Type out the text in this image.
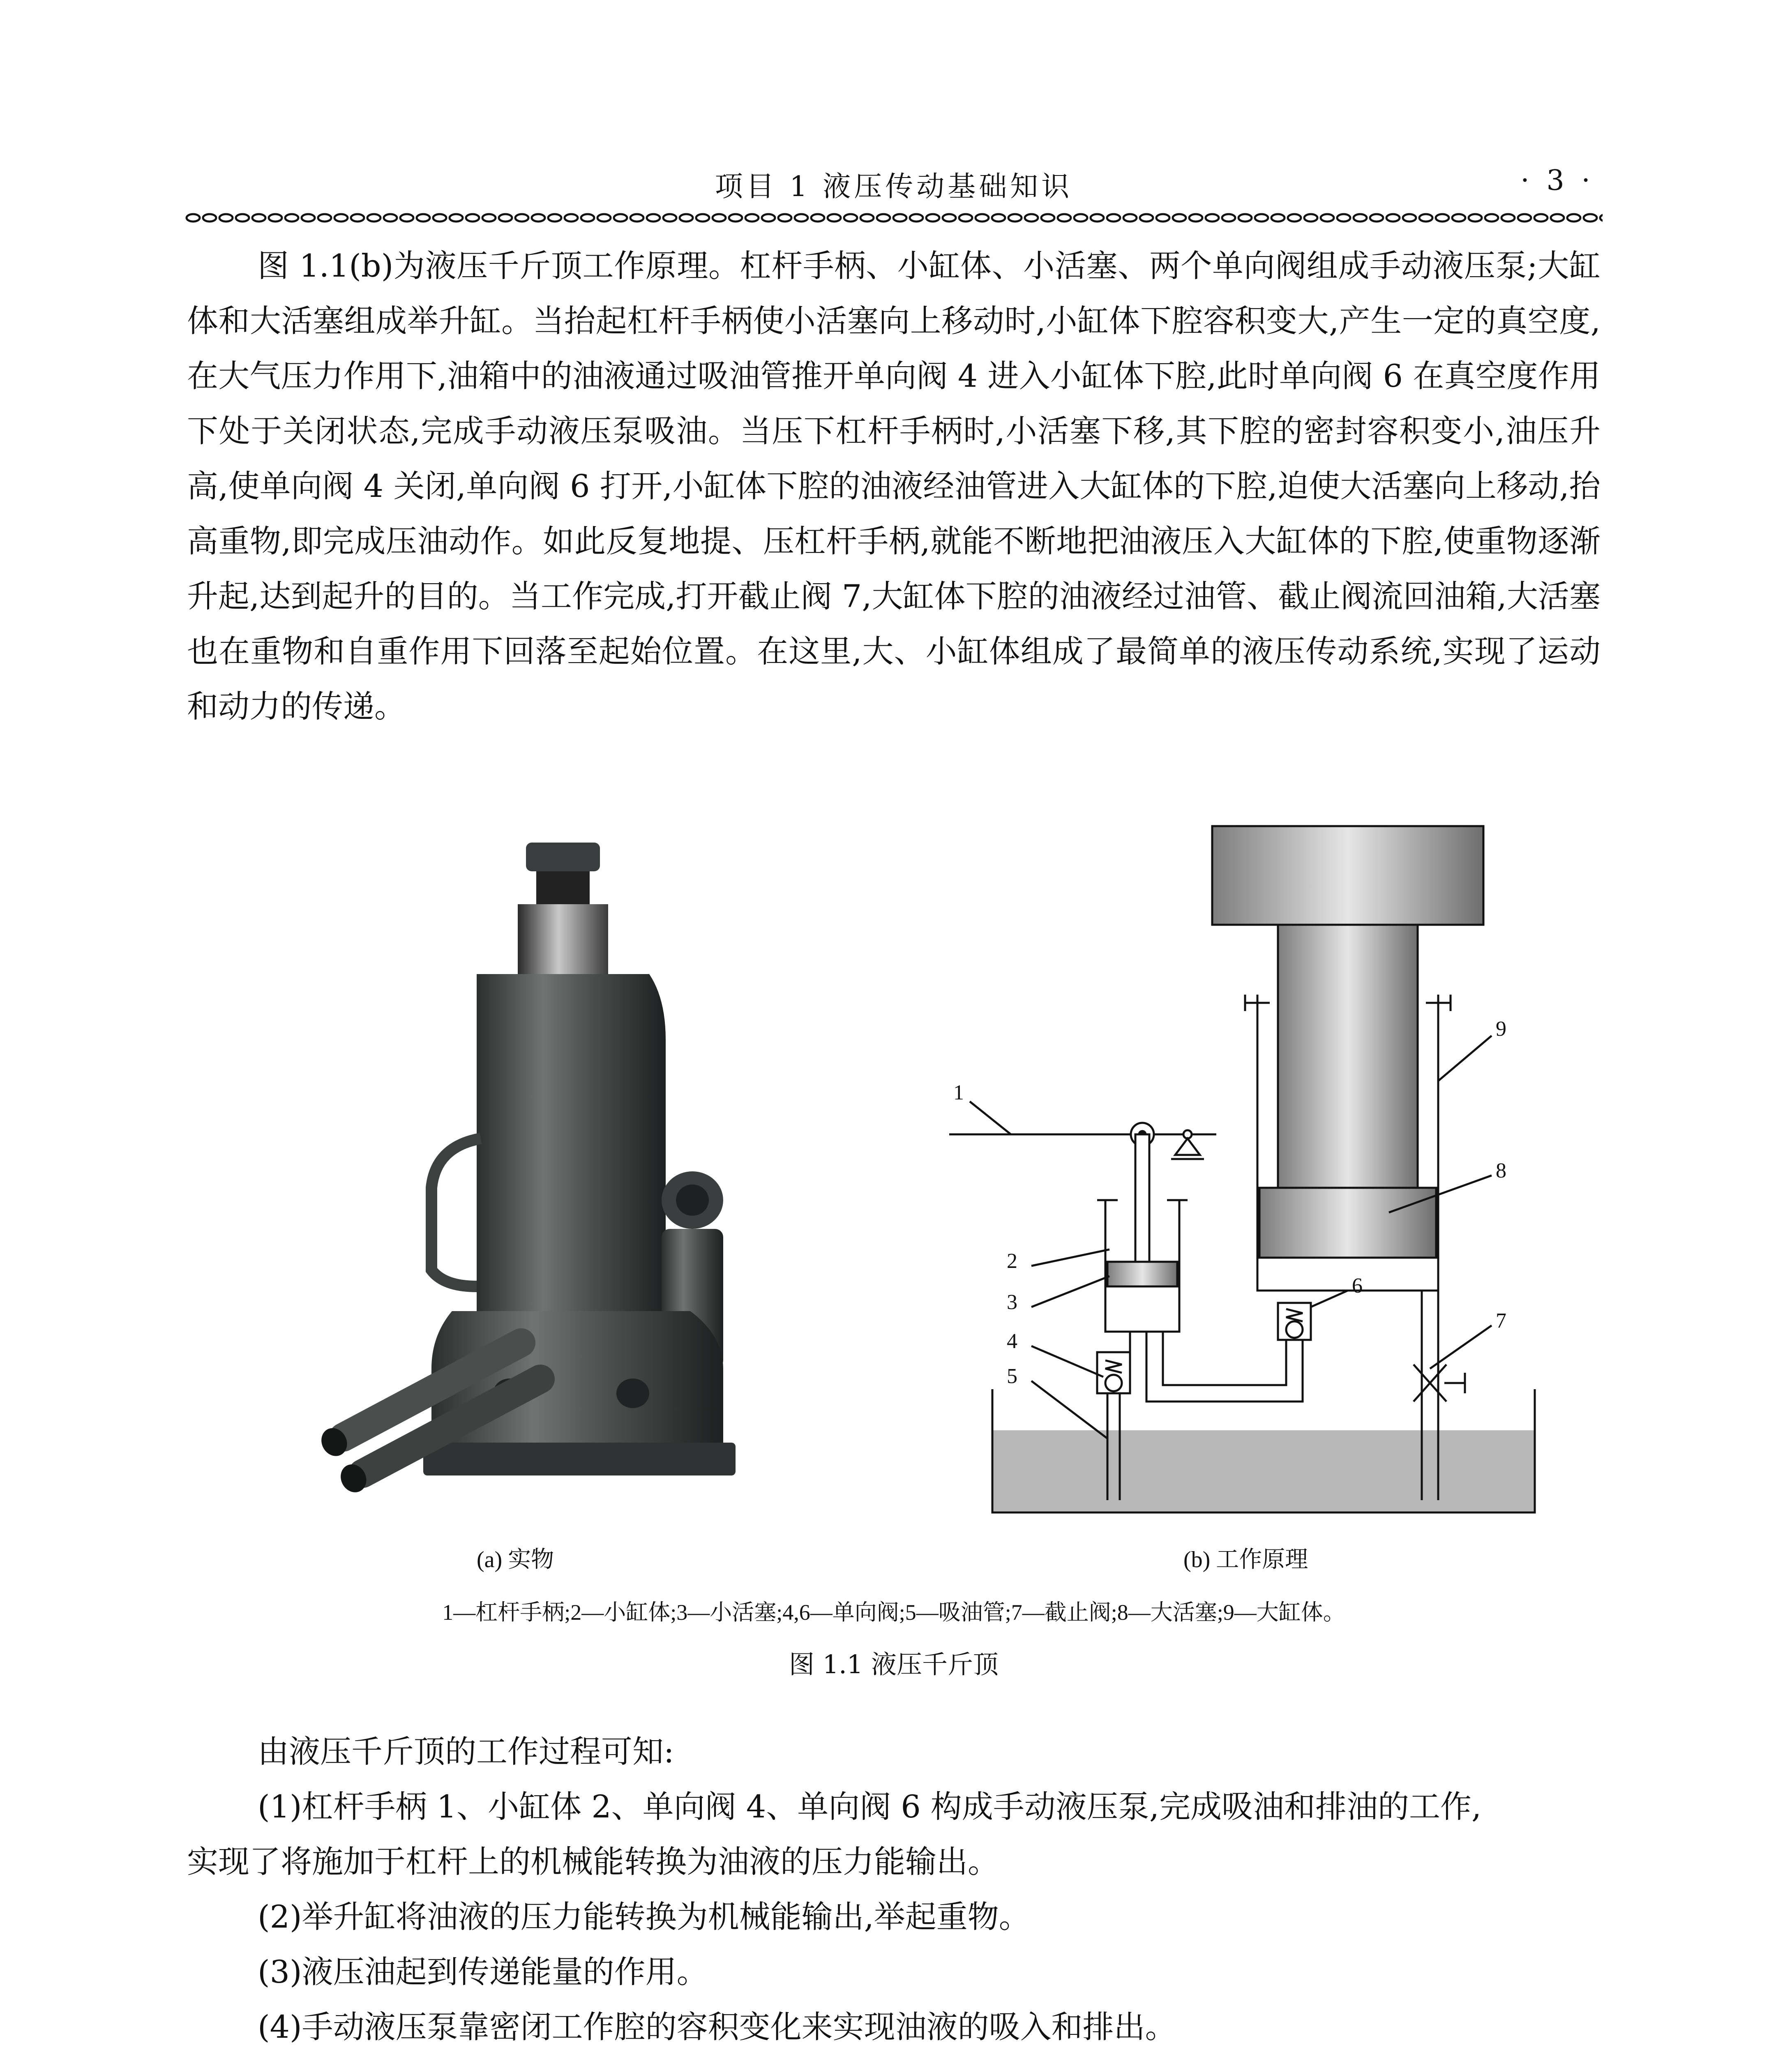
项目 1 液压传动基础知识	· 3 ·

图 1.1(b)为液压千斤顶工作原理。杠杆手柄、小缸体、小活塞、两个单向阀组成手动液压泵;大缸体和大活塞组成举升缸。当抬起杠杆手柄使小活塞向上移动时,小缸体下腔容积变大,产生一定的真空度,在大气压力作用下,油箱中的油液通过吸油管推开单向阀 4 进入小缸体下腔,此时单向阀 6 在真空度作用下处于关闭状态,完成手动液压泵吸油。当压下杠杆手柄时,小活塞下移,其下腔的密封容积变小,油压升高,使单向阀 4 关闭,单向阀 6 打开,小缸体下腔的油液经油管进入大缸体的下腔,迫使大活塞向上移动,抬高重物,即完成压油动作。如此反复地提、压杠杆手柄,就能不断地把油液压入大缸体的下腔,使重物逐渐升起,达到起升的目的。当工作完成,打开截止阀 7,大缸体下腔的油液经过油管、截止阀流回油箱,大活塞也在重物和自重作用下回落至起始位置。在这里,大、小缸体组成了最简单的液压传动系统,实现了运动和动力的传递。

1
2
3
4
5
6
7
8
9
(a) 实物	(b) 工作原理
1—杠杆手柄;2—小缸体;3—小活塞;4,6—单向阀;5—吸油管;7—截止阀;8—大活塞;9—大缸体。
图 1.1 液压千斤顶
由液压千斤顶的工作过程可知:
(1)杠杆手柄 1、小缸体 2、单向阀 4、单向阀 6 构成手动液压泵,完成吸油和排油的工作,
实现了将施加于杠杆上的机械能转换为油液的压力能输出。
(2)举升缸将油液的压力能转换为机械能输出,举起重物。
(3)液压油起到传递能量的作用。
(4)手动液压泵靠密闭工作腔的容积变化来实现油液的吸入和排出。
